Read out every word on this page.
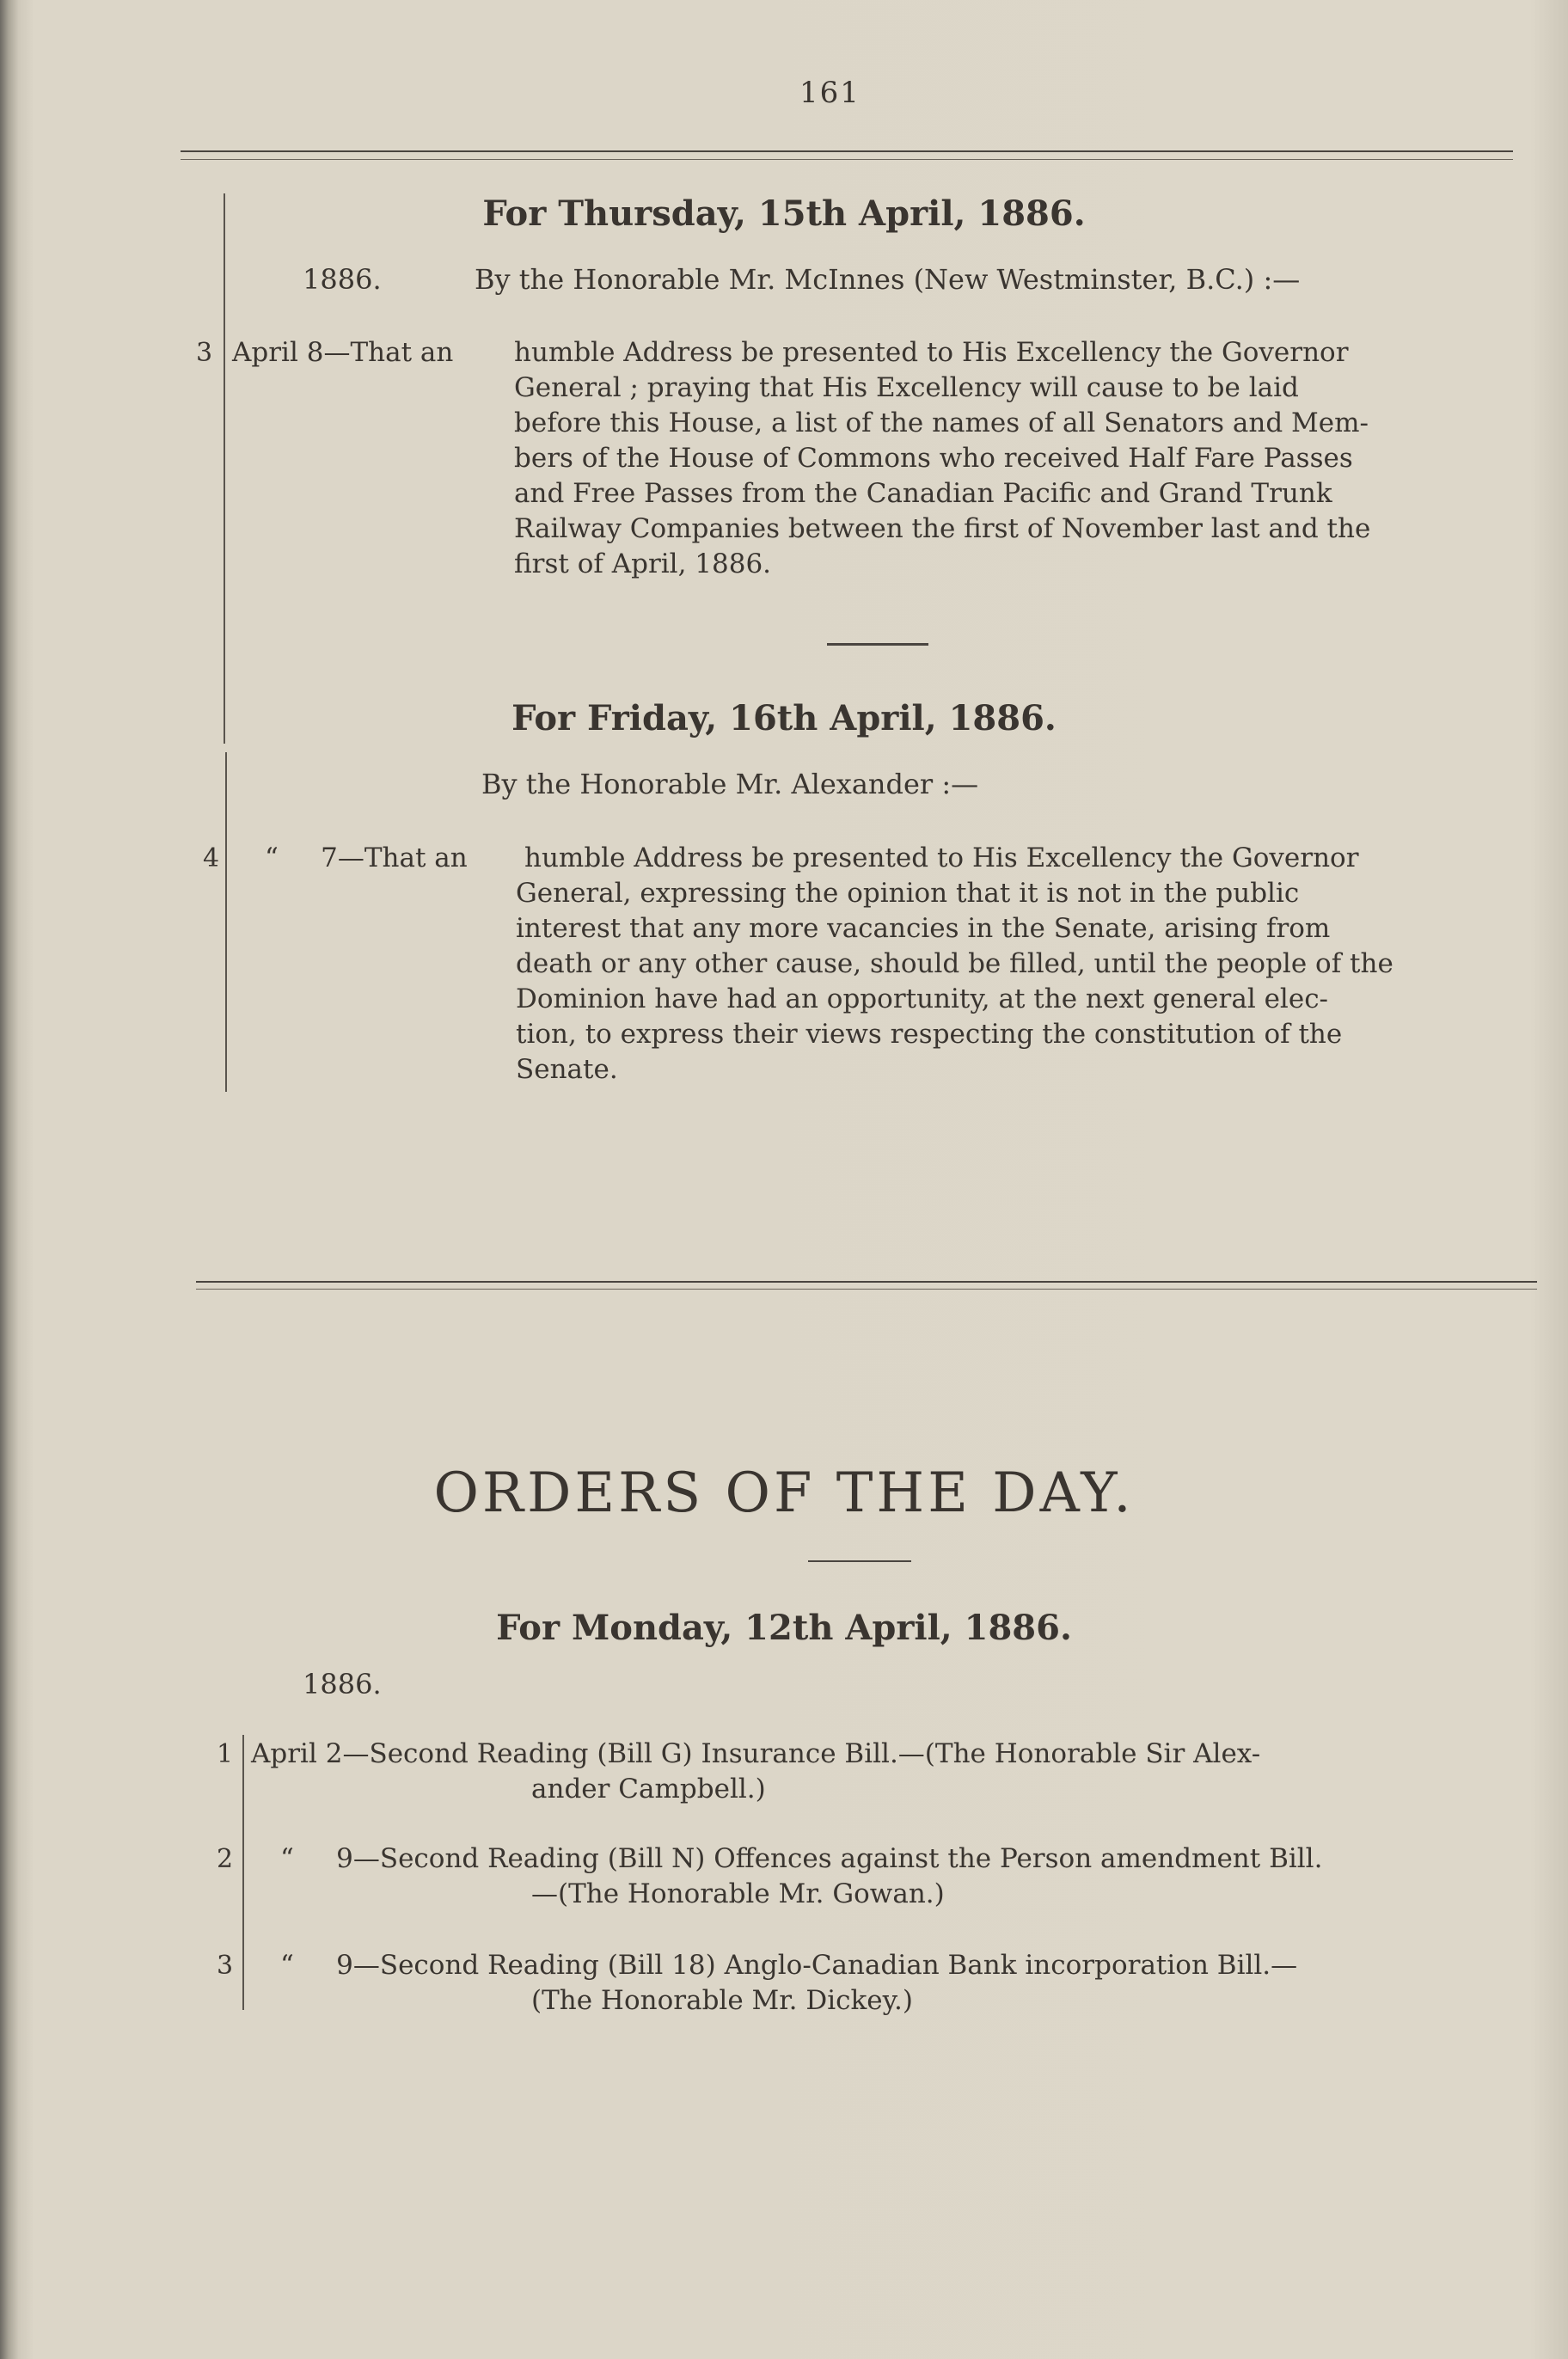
161
For Thursday, 15th April, 1886.
1886.	By the Honorable Mr. McInnes (New Westminster, B.C.) :—
3 April 8—That an humble Address be presented to His Excellency the Governor
General ; praying that His Excellency will cause to be laid
before this House, a list of the names of all Senators and Mem-
bers of the House of Commons who received Half Fare Passes
and Free Passes from the Canadian Pacific and Grand Trunk
Railway Companies between the first of November last and the
first of April, 1886.
For Friday, 16th April, 1886.
By the Honorable Mr. Alexander :—
4 “     7—That an humble Address be presented to His Excellency the Governor
General, expressing the opinion that it is not in the public
interest that any more vacancies in the Senate, arising from
death or any other cause, should be filled, until the people of the
Dominion have had an opportunity, at the next general elec-
tion, to express their views respecting the constitution of the
Senate.
ORDERS OF THE DAY.
For Monday, 12th April, 1886.
1886.
1 April 2—Second Reading (Bill G) Insurance Bill.—(The Honorable Sir Alex-
ander Campbell.)
2 “     9—Second Reading (Bill N) Offences against the Person amendment Bill.
—(The Honorable Mr. Gowan.)
3 “     9—Second Reading (Bill 18) Anglo-Canadian Bank incorporation Bill.—
(The Honorable Mr. Dickey.)
